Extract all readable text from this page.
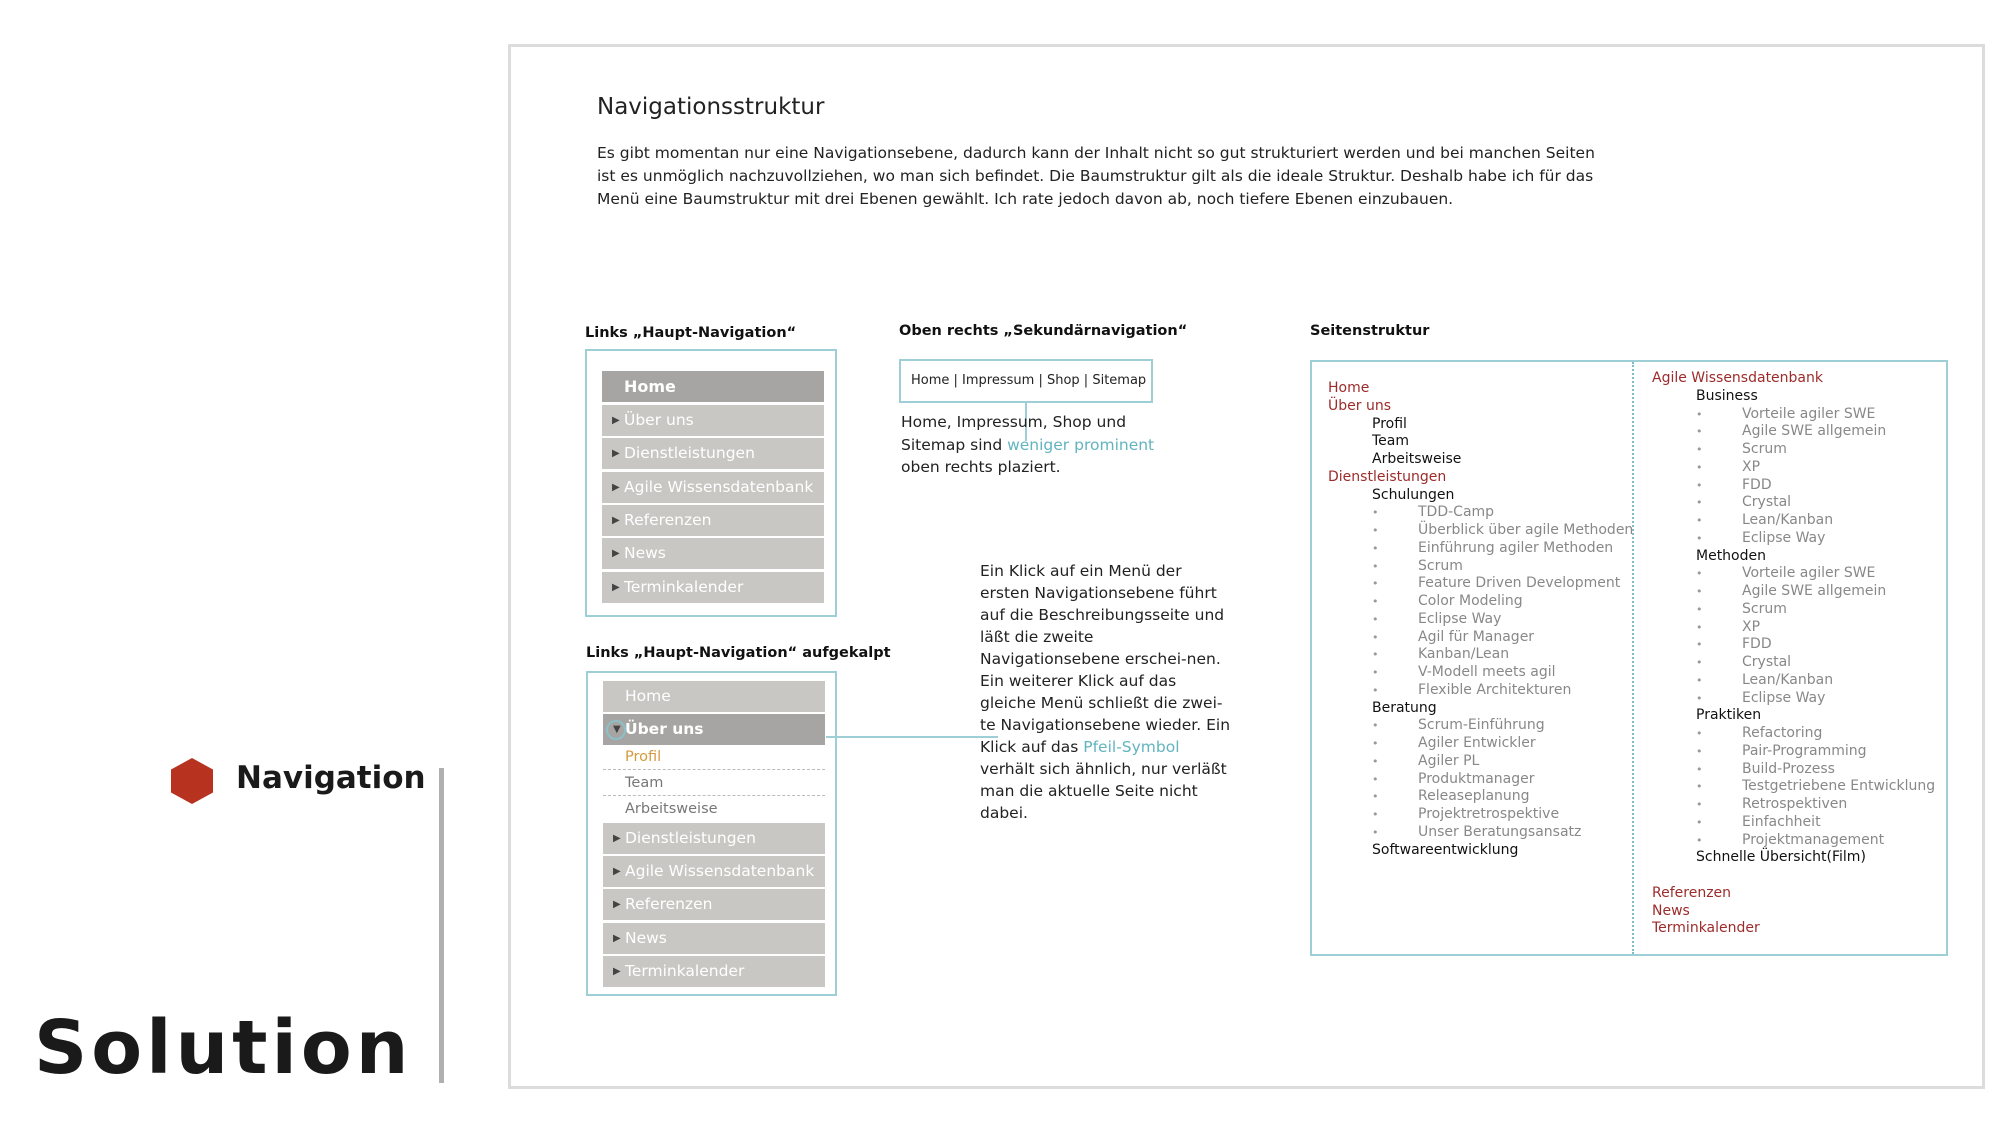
Navigation
Solution
Navigationsstruktur
Es gibt momentan nur eine Navigationsebene, dadurch kann der Inhalt nicht so gut strukturiert werden und bei manchen Seiten ist es unmöglich nachzuvollziehen, wo man sich befindet. Die Baumstruktur gilt als die ideale Struktur. Deshalb habe ich für das Menü eine Baumstruktur mit drei Ebenen gewählt. Ich rate jedoch davon ab, noch tiefere Ebenen einzubauen.
Links „Haupt-Navigation“
Home
▶ Über uns
▶ Dienstleistungen
▶ Agile Wissensdatenbank
▶ Referenzen
▶ News
▶ Terminkalender
Links „Haupt-Navigation“ aufgekalpt
Home
▼ Über uns
Profil
Team
Arbeitsweise
▶ Dienstleistungen
▶ Agile Wissensdatenbank
▶ Referenzen
▶ News
▶ Terminkalender
Oben rechts „Sekundärnavigation“
Home | Impressum | Shop | Sitemap
Home, Impressum, Shop und Sitemap sind weniger prominent oben rechts plaziert.
Ein Klick auf ein Menü der ersten Navigationsebene führt auf die Beschreibungsseite und läßt die zweite Navigationsebene erschei-nen. Ein weiterer Klick auf das gleiche Menü schließt die zwei-te Navigationsebene wieder. Ein Klick auf das Pfeil-Symbol verhält sich ähnlich, nur verläßt man die aktuelle Seite nicht dabei.
Seitenstruktur
Home
Über uns
Profil
Team
Arbeitsweise
Dienstleistungen
Schulungen
• TDD-Camp
• Überblick über agile Methoden
• Einführung agiler Methoden
• Scrum
• Feature Driven Development
• Color Modeling
• Eclipse Way
• Agil für Manager
• Kanban/Lean
• V-Modell meets agil
• Flexible Architekturen
Beratung
• Scrum-Einführung
• Agiler Entwickler
• Agiler PL
• Produktmanager
• Releaseplanung
• Projektretrospektive
• Unser Beratungsansatz
Softwareentwicklung
Agile Wissensdatenbank
Business
• Vorteile agiler SWE
• Agile SWE allgemein
• Scrum
• XP
• FDD
• Crystal
• Lean/Kanban
• Eclipse Way
Methoden
• Vorteile agiler SWE
• Agile SWE allgemein
• Scrum
• XP
• FDD
• Crystal
• Lean/Kanban
• Eclipse Way
Praktiken
• Refactoring
• Pair-Programming
• Build-Prozess
• Testgetriebene Entwicklung
• Retrospektiven
• Einfachheit
• Projektmanagement
Schnelle Übersicht(Film)
Referenzen
News
Terminkalender
